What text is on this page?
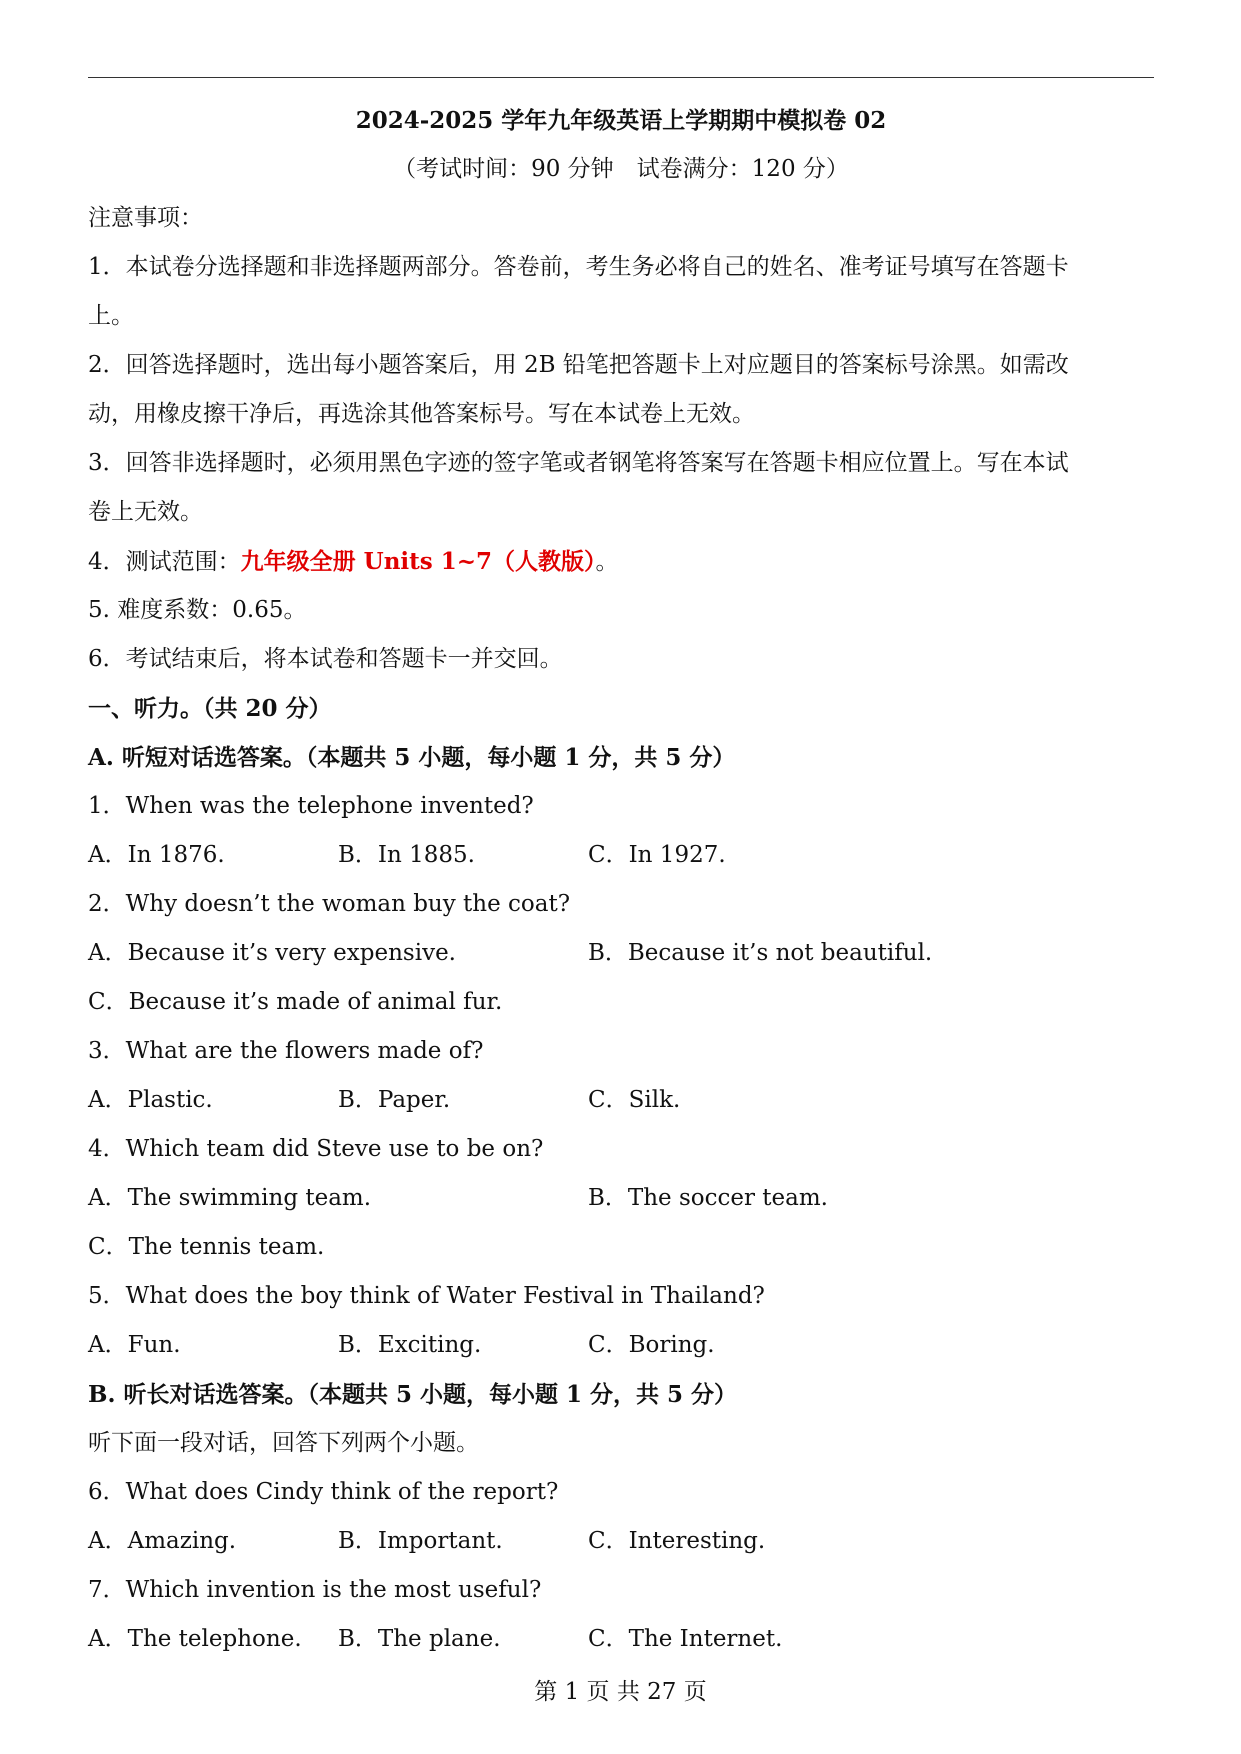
2024-2025 学年九年级英语上学期期中模拟卷 02
（考试时间：90 分钟　试卷满分：120 分）
注意事项：
1．本试卷分选择题和非选择题两部分。答卷前，考生务必将自己的姓名、准考证号填写在答题卡
上。
2．回答选择题时，选出每小题答案后，用 2B 铅笔把答题卡上对应题目的答案标号涂黑。如需改
动，用橡皮擦干净后，再选涂其他答案标号。写在本试卷上无效。
3．回答非选择题时，必须用黑色字迹的签字笔或者钢笔将答案写在答题卡相应位置上。写在本试
卷上无效。
4．测试范围：九年级全册 Units 1~7（人教版）。
5. 难度系数：0.65。
6．考试结束后，将本试卷和答题卡一并交回。
一、听力。（共 20 分）
A. 听短对话选答案。（本题共 5 小题，每小题 1 分，共 5 分）
1．When was the telephone invented?
A．In 1876.	B．In 1885.	C．In 1927.
2．Why doesn’t the woman buy the coat?
A．Because it’s very expensive.	B．Because it’s not beautiful.
C．Because it’s made of animal fur.
3．What are the flowers made of?
A．Plastic.	B．Paper.	C．Silk.
4．Which team did Steve use to be on?
A．The swimming team.	B．The soccer team.
C．The tennis team.
5．What does the boy think of Water Festival in Thailand?
A．Fun.	B．Exciting.	C．Boring.
B. 听长对话选答案。（本题共 5 小题，每小题 1 分，共 5 分）
听下面一段对话，回答下列两个小题。
6．What does Cindy think of the report?
A．Amazing.	B．Important.	C．Interesting.
7．Which invention is the most useful?
A．The telephone.	B．The plane.	C．The Internet.
第 1 页 共 27 页
